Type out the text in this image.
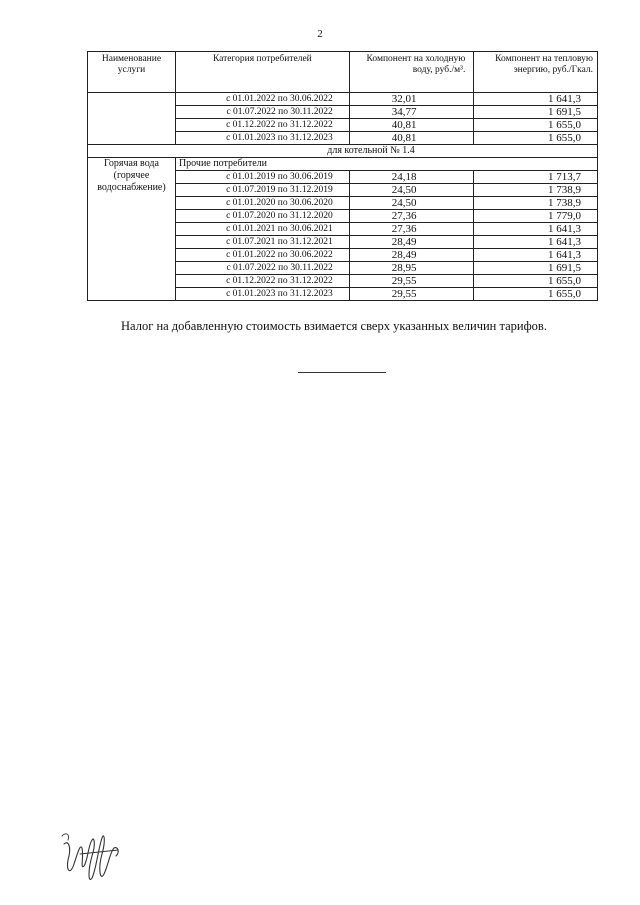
2
Наименование услуги	Категория потребителей	Компонент на холодную воду, руб./м³.	Компонент на тепловую энергию, руб./Гкал.
	с 01.01.2022 по 30.06.2022	32,01	1 641,3
	с 01.07.2022 по 30.11.2022	34,77	1 691,5
	с 01.12.2022 по 31.12.2022	40,81	1 655,0
	с 01.01.2023 по 31.12.2023	40,81	1 655,0
для котельной № 1.4			
Горячая вода (горячее водоснабжение)	Прочие потребители		
	с 01.01.2019 по 30.06.2019	24,18	1 713,7
	с 01.07.2019 по 31.12.2019	24,50	1 738,9
	с 01.01.2020 по 30.06.2020	24,50	1 738,9
	с 01.07.2020 по 31.12.2020	27,36	1 779,0
	с 01.01.2021 по 30.06.2021	27,36	1 641,3
	с 01.07.2021 по 31.12.2021	28,49	1 641,3
	с 01.01.2022 по 30.06.2022	28,49	1 641,3
	с 01.07.2022 по 30.11.2022	28,95	1 691,5
	с 01.12.2022 по 31.12.2022	29,55	1 655,0
	с 01.01.2023 по 31.12.2023	29,55	1 655,0
Налог на добавленную стоимость взимается сверх указанных величин тарифов.
